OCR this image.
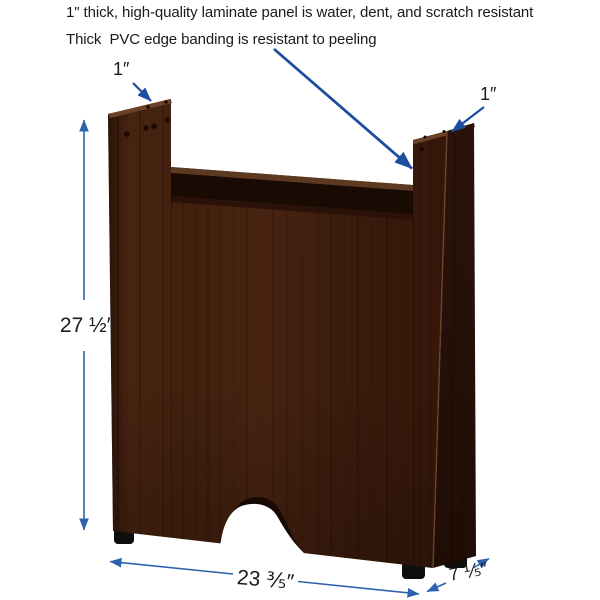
1" thick, high-quality laminate panel is water, dent, and scratch resistant
Thick  PVC edge banding is resistant to peeling
1″
1″
27 ½″
23 ⅗″	7 ⅕″
